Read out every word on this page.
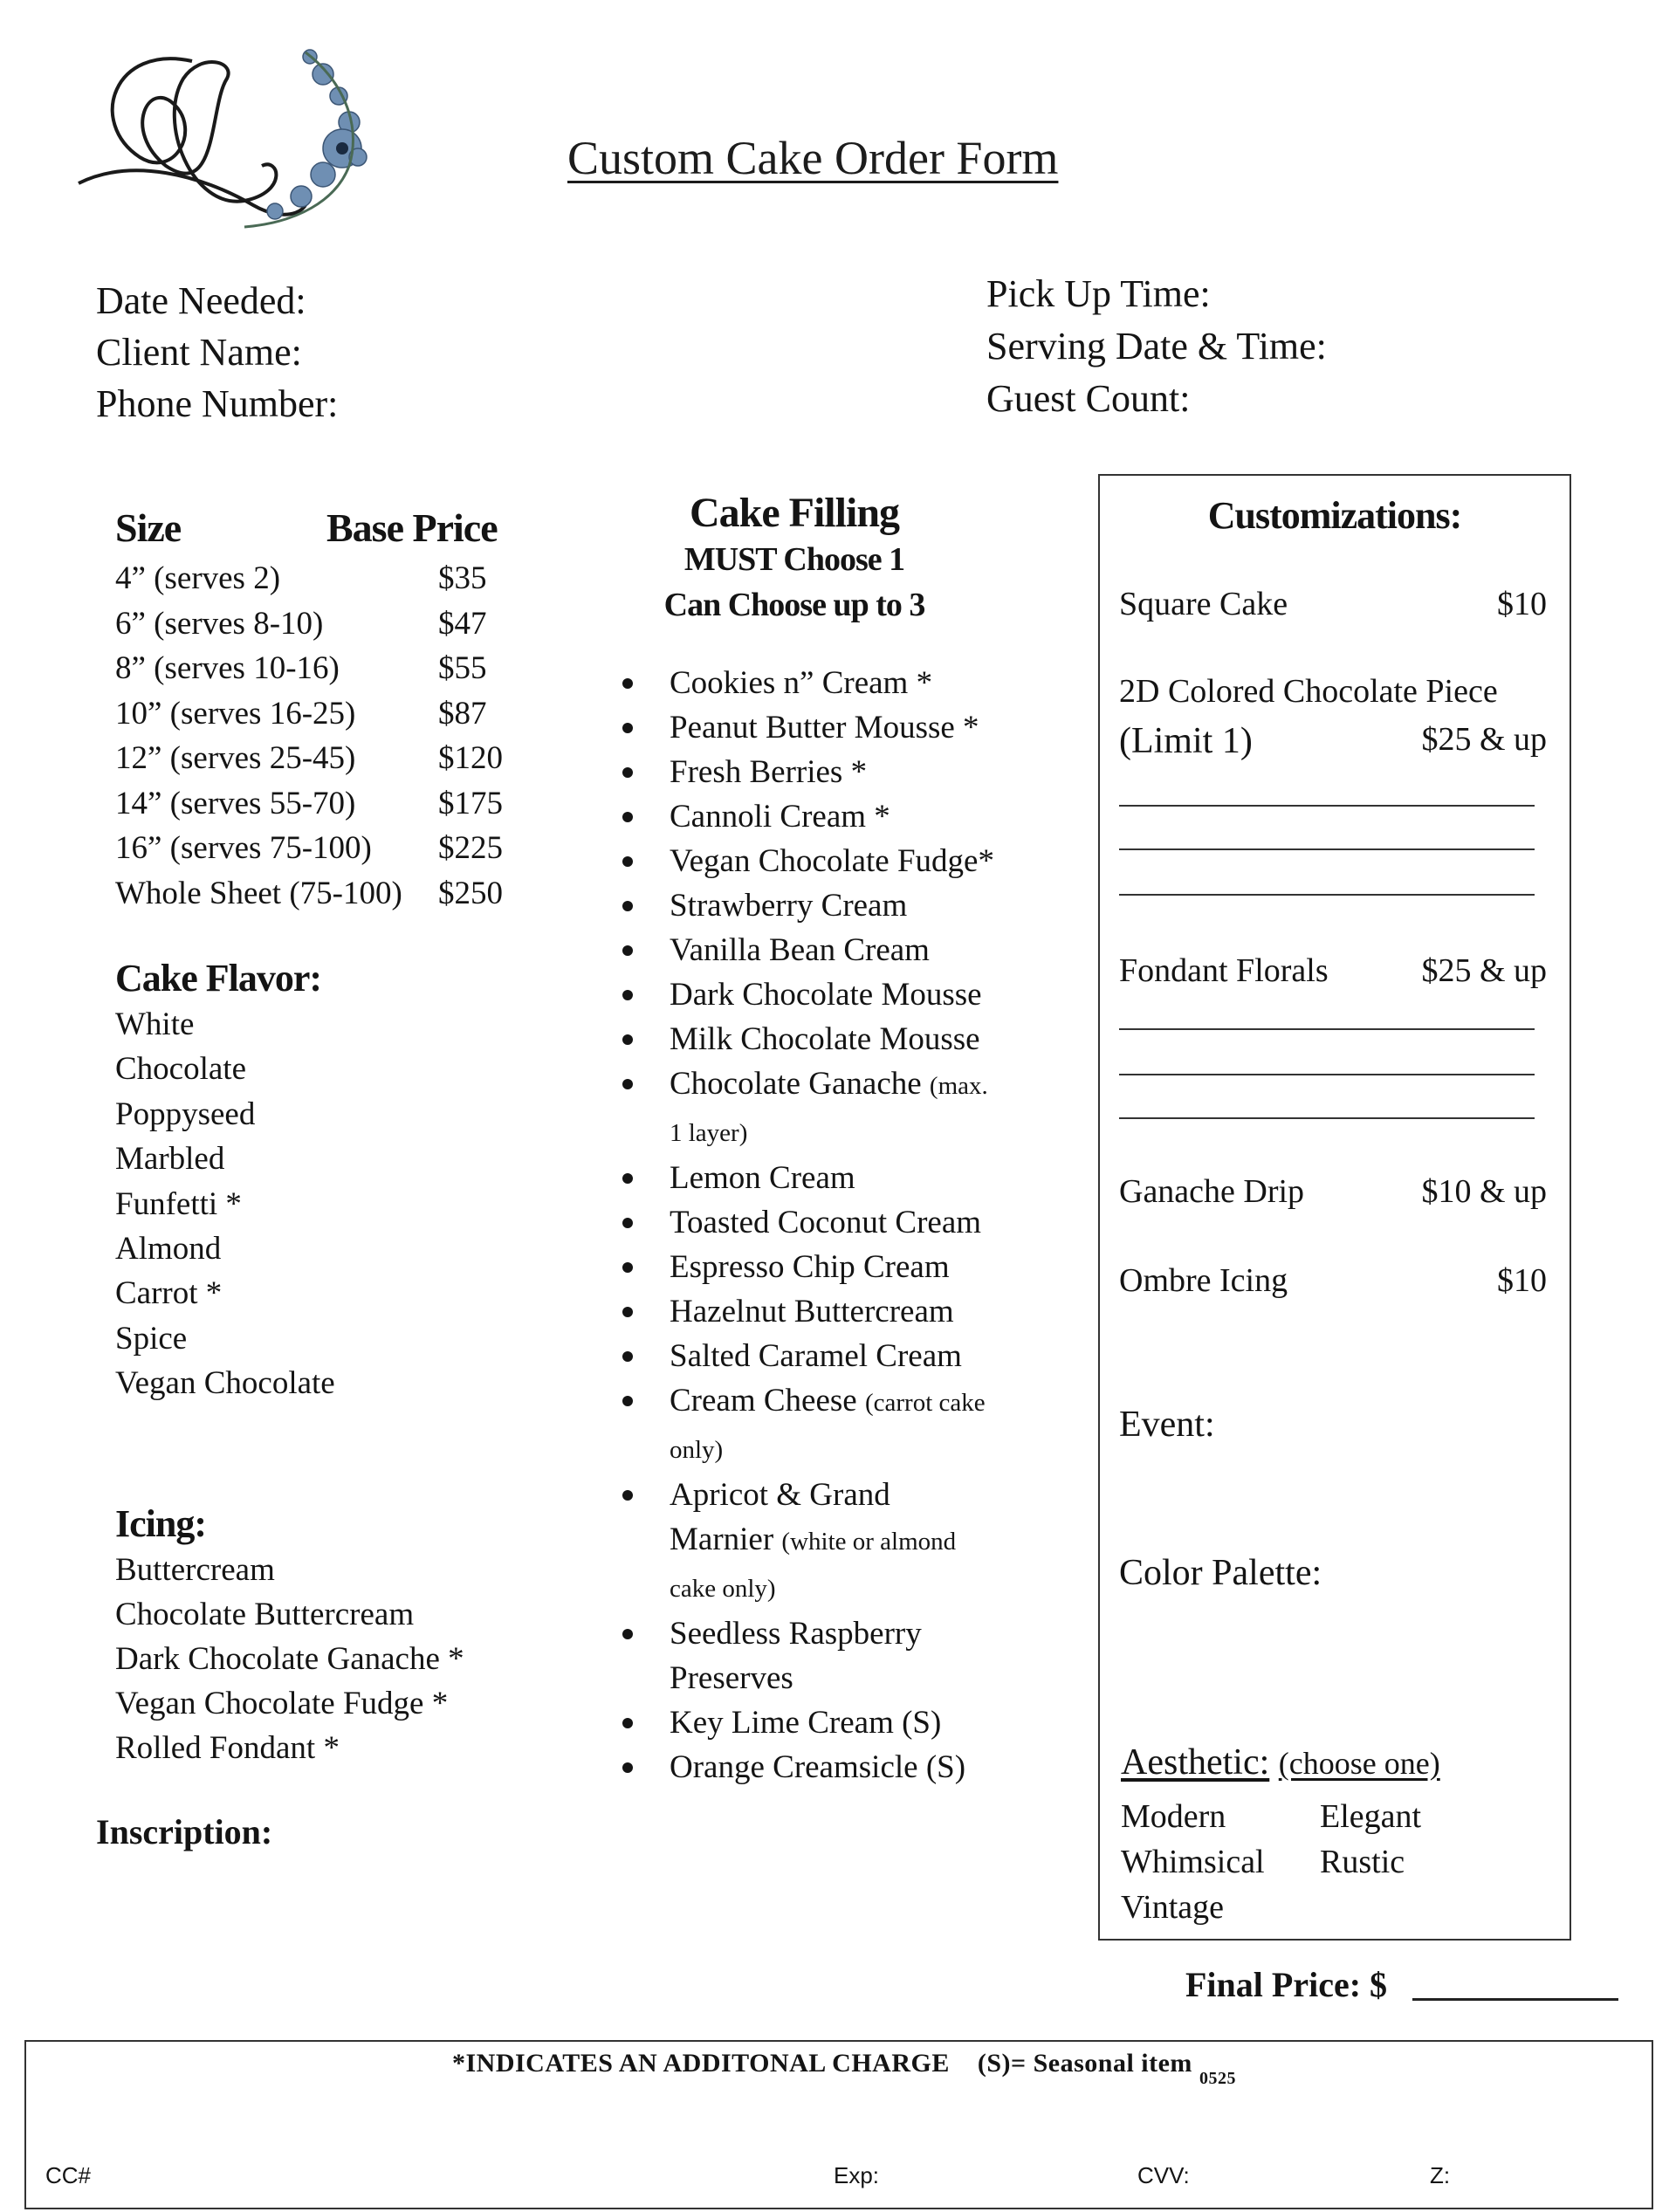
Custom Cake Order Form
Date Needed:
Client Name:
Phone Number:
Pick Up Time:
Serving Date & Time:
Guest Count:
Size	Base Price
4” (serves 2)	$35
6” (serves 8-10)	$47
8” (serves 10-16)	$55
10” (serves 16-25)	$87
12” (serves 25-45)	$120
14” (serves 55-70)	$175
16” (serves 75-100)	$225
Whole Sheet (75-100)	$250
Cake Flavor:
White
Chocolate
Poppyseed
Marbled
Funfetti *
Almond
Carrot *
Spice
Vegan Chocolate
Icing:
Buttercream
Chocolate Buttercream
Dark Chocolate Ganache *
Vegan Chocolate Fudge *
Rolled Fondant *
Inscription:
Cake Filling
MUST Choose 1
Can Choose up to 3
Cookies n” Cream *
Peanut Butter Mousse *
Fresh Berries *
Cannoli Cream *
Vegan Chocolate Fudge*
Strawberry Cream
Vanilla Bean Cream
Dark Chocolate Mousse
Milk Chocolate Mousse
Chocolate Ganache (max.
1 layer)
Lemon Cream
Toasted Coconut Cream
Espresso Chip Cream
Hazelnut Buttercream
Salted Caramel Cream
Cream Cheese (carrot cake
only)
Apricot & Grand
Marnier (white or almond
cake only)
Seedless Raspberry
Preserves
Key Lime Cream (S)
Orange Creamsicle (S)
Customizations:
Square Cake	$10
2D Colored Chocolate Piece
(Limit 1)	$25 & up
Fondant Florals	$25 & up
Ganache Drip	$10 & up
Ombre Icing	$10
Event:
Color Palette:
Aesthetic: (choose one)
Modern	Elegant
Whimsical	Rustic
Vintage
Final Price: $
*INDICATES AN ADDITONAL CHARGE    (S)= Seasonal item $_{0525}$
CC#	Exp:	CVV:	Z:
